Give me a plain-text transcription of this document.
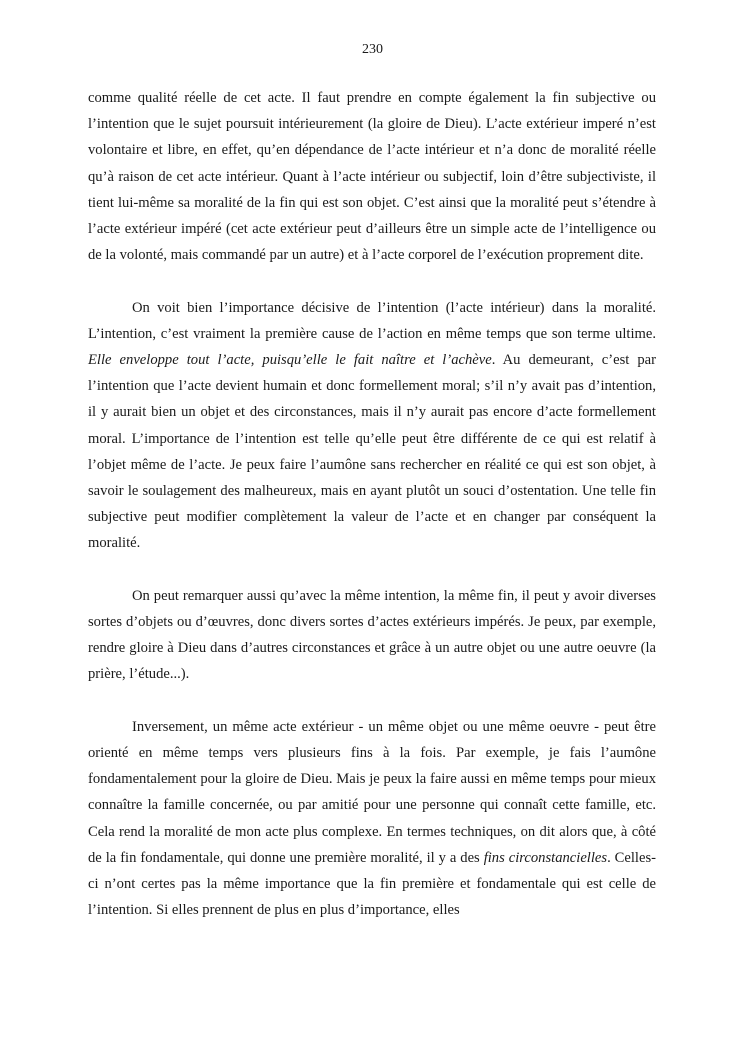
230

comme qualité réelle de cet acte. Il faut prendre en compte également la fin subjective ou l’intention que le sujet poursuit intérieurement (la gloire de Dieu). L’acte extérieur imperé n’est volontaire et libre, en effet, qu’en dépendance de l’acte intérieur et n’a donc de moralité réelle qu’à raison de cet acte intérieur. Quant à l’acte intérieur ou subjectif, loin d’être subjectiviste, il tient lui-même sa moralité de la fin qui est son objet. C’est ainsi que la moralité peut s’étendre à l’acte extérieur impéré (cet acte extérieur peut d’ailleurs être un simple acte de l’intelligence ou de la volonté, mais commandé par un autre) et à l’acte corporel de l’exécution proprement dite.

On voit bien l’importance décisive de l’intention (l’acte intérieur) dans la moralité. L’intention, c’est vraiment la première cause de l’action en même temps que son terme ultime. Elle enveloppe tout l’acte, puisqu’elle le fait naître et l’achève. Au demeurant, c’est par l’intention que l’acte devient humain et donc formellement moral; s’il n’y avait pas d’intention, il y aurait bien un objet et des circonstances, mais il n’y aurait pas encore d’acte formellement moral. L’importance de l’intention est telle qu’elle peut être différente de ce qui est relatif à l’objet même de l’acte. Je peux faire l’aumône sans rechercher en réalité ce qui est son objet, à savoir le soulagement des malheureux, mais en ayant plutôt un souci d’ostentation. Une telle fin subjective peut modifier complètement la valeur de l’acte et en changer par conséquent la moralité.

On peut remarquer aussi qu’avec la même intention, la même fin, il peut y avoir diverses sortes d’objets ou d’œuvres, donc divers sortes d’actes extérieurs impérés. Je peux, par exemple, rendre gloire à Dieu dans d’autres circonstances et grâce à un autre objet ou une autre oeuvre (la prière, l’étude...).

Inversement, un même acte extérieur - un même objet ou une même oeuvre - peut être orienté en même temps vers plusieurs fins à la fois. Par exemple, je fais l’aumône fondamentalement pour la gloire de Dieu. Mais je peux la faire aussi en même temps pour mieux connaître la famille concernée, ou par amitié pour une personne qui connaît cette famille, etc. Cela rend la moralité de mon acte plus complexe. En termes techniques, on dit alors que, à côté de la fin fondamentale, qui donne une première moralité, il y a des fins circonstancielles. Celles-ci n’ont certes pas la même importance que la fin première et fondamentale qui est celle de l’intention. Si elles prennent de plus en plus d’importance, elles
